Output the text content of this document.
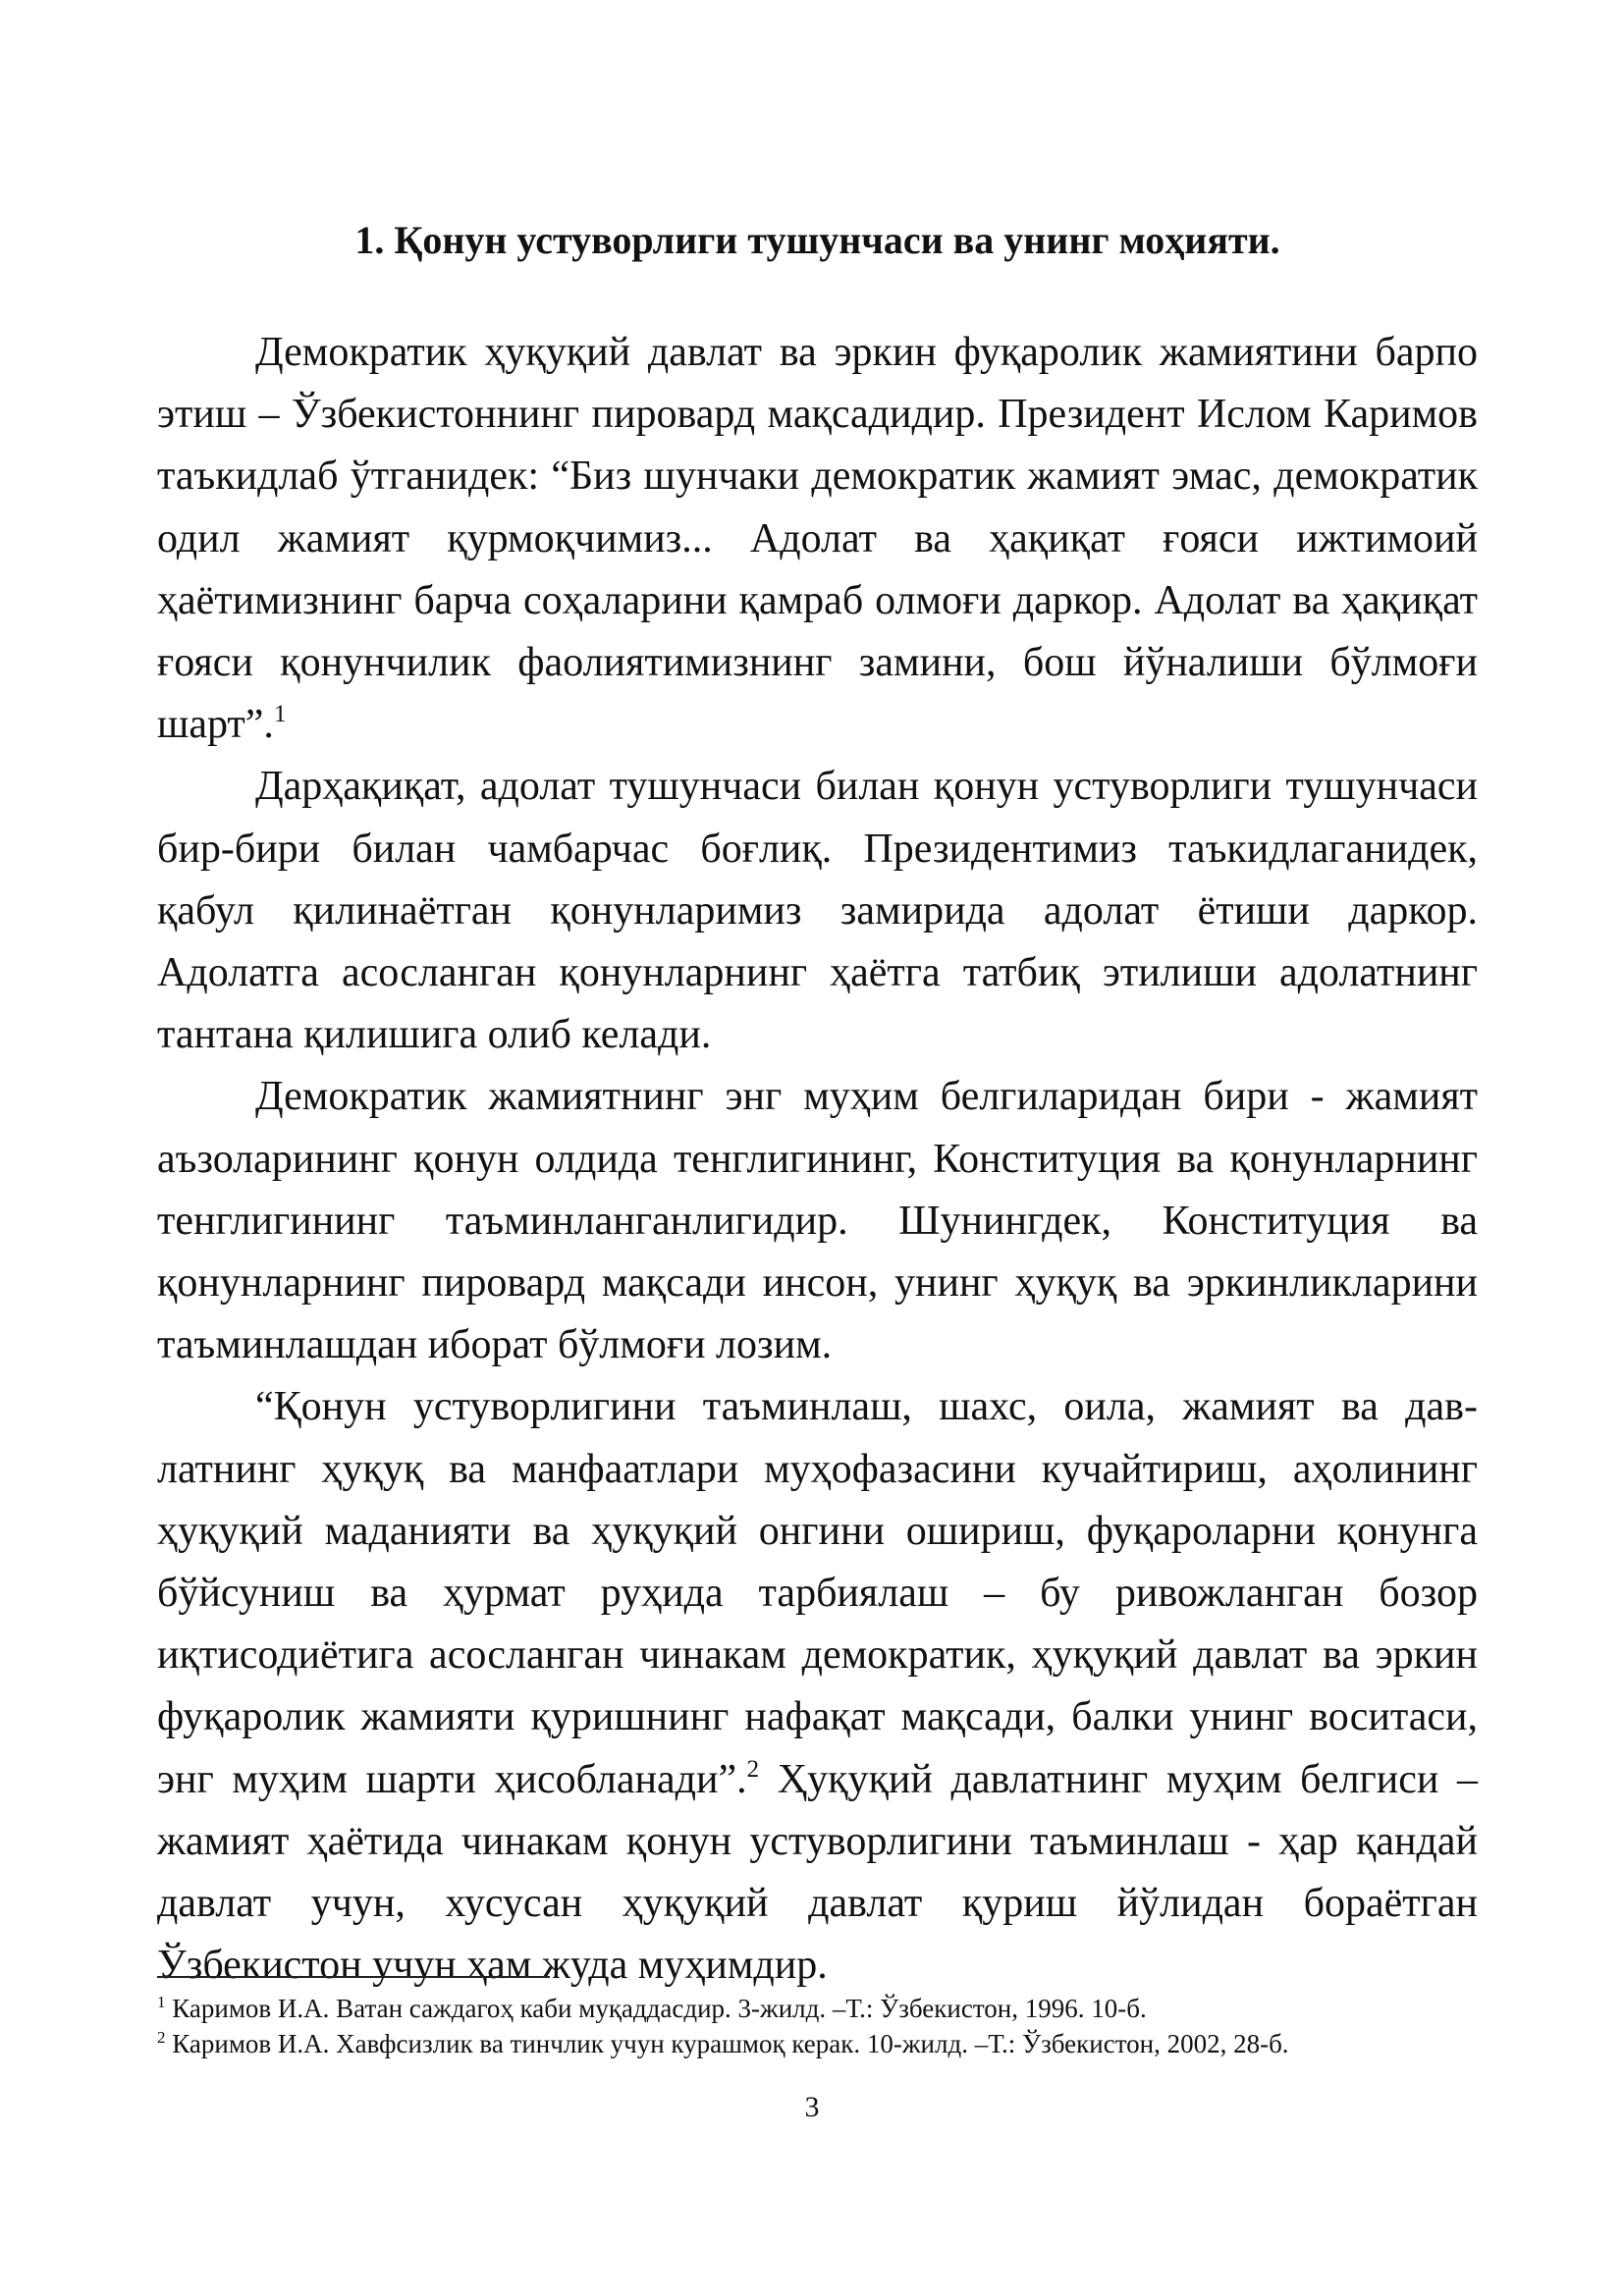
1. Қонун устуворлиги тушунчаси ва унинг моҳияти.

Демократик ҳуқуқий давлат ва эркин фуқаролик жамиятини барпо этиш – Ўзбекистоннинг пировард мақсадидир. Президент Ислом Каримов таъкидлаб ўтганидек: “Биз шунчаки демократик жамият эмас, демократик одил жамият қурмоқчимиз... Адолат ва ҳақиқат ғояси ижтимоий ҳаётимизнинг барча соҳаларини қамраб олмоғи даркор. Адолат ва ҳақиқат ғояси қонунчилик фаолиятимизнинг замини, бош йўналиши бўлмоғи шарт”.$^1$

Дарҳақиқат, адолат тушунчаси билан қонун устуворлиги тушунчаси бир-бири билан чамбарчас боғлиқ. Президентимиз таъкидлаганидек, қабул қилинаётган қонунларимиз замирида адолат ётиши даркор. Адолатга асосланган қонунларнинг ҳаётга татбиқ этилиши адолатнинг тантана қилишига олиб келади.

Демократик жамиятнинг энг муҳим белгиларидан бири - жамият аъзоларининг қонун олдида тенглигининг, Конституция ва қонунларнинг тенглигининг таъминланганлигидир. Шунингдек, Конституция ва қонунларнинг пировард мақсади инсон, унинг ҳуқуқ ва эркинликларини таъминлашдан иборат бўлмоғи лозим.

“Қонун устуворлигини таъминлаш, шахс, оила, жамият ва давлатнинг ҳуқуқ ва манфаатлари муҳофазасини кучайтириш, аҳолининг ҳуқуқий маданияти ва ҳуқуқий онгини ошириш, фуқароларни қонунга бўйсуниш ва ҳурмат руҳида тарбиялаш – бу ривожланган бозор иқтисодиётига асосланган чинакам демократик, ҳуқуқий давлат ва эркин фуқаролик жамияти қуришнинг нафақат мақсади, балки унинг воситаси, энг муҳим шарти ҳисобланади”.$^2$ Ҳуқуқий давлатнинг муҳим белгиси – жамият ҳаётида чинакам қонун устуворлигини таъминлаш - ҳар қандай давлат учун, хусусан ҳуқуқий давлат қуриш йўлидан бораётган Ўзбекистон учун ҳам жуда муҳимдир.

$^1$ Каримов И.А. Ватан саждагоҳ каби муқаддасдир. 3-жилд. –Т.: Ўзбекистон, 1996. 10-б.
$^2$ Каримов И.А. Хавфсизлик ва тинчлик учун курашмоқ керак. 10-жилд. –Т.: Ўзбекистон, 2002, 28-б.
3
